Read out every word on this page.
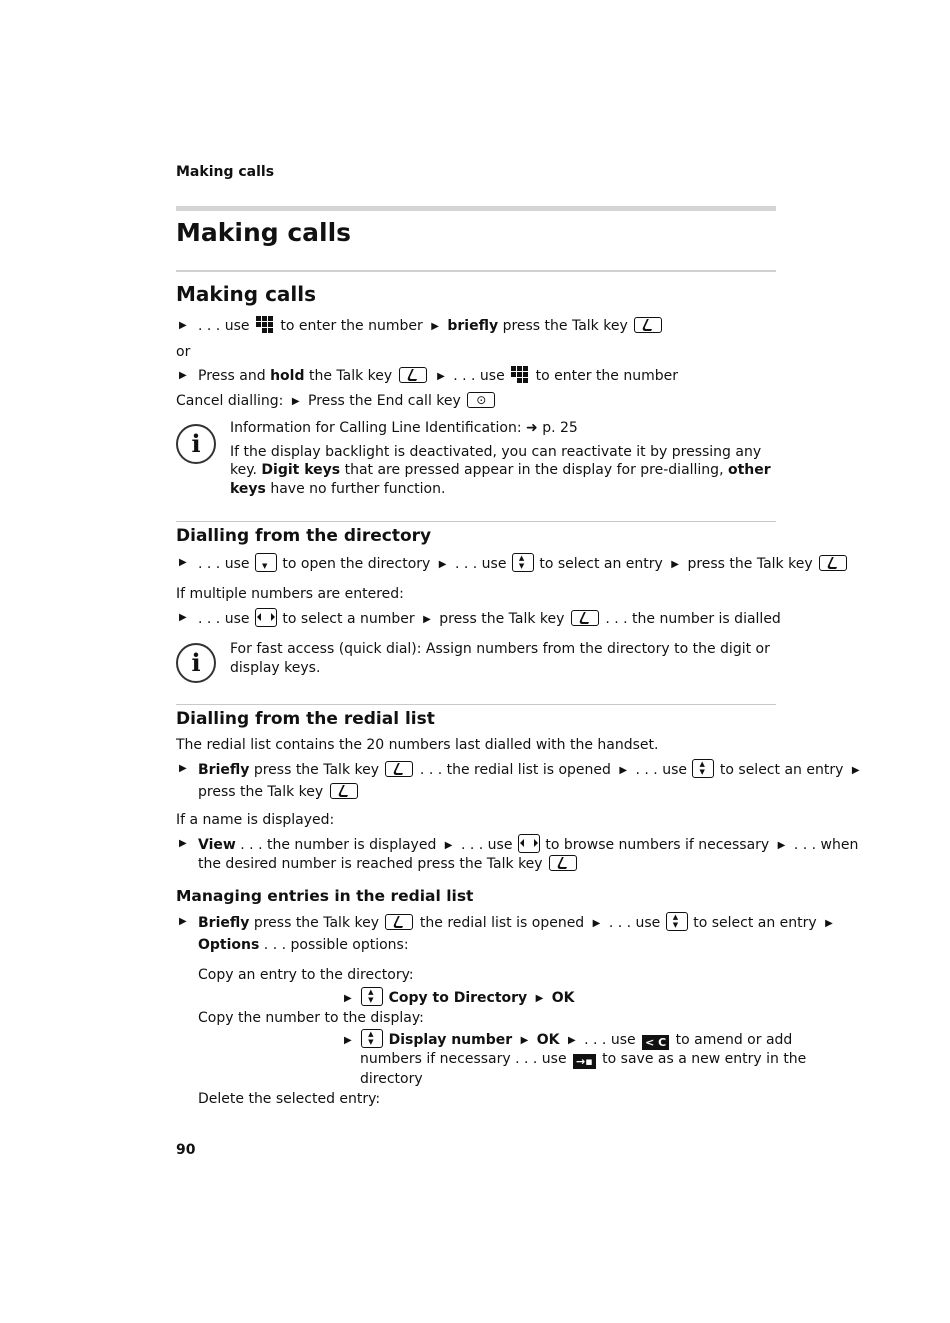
Making calls
Making calls
Making calls
▶ . . . use to enter the number ▶ briefly press the Talk key
or
▶ Press and hold the Talk key	▶ . . . use to enter the number
Cancel dialling: ▶ Press the End call key ⊙
i
Information for Calling Line Identification: ➜ p. 25
If the display backlight is deactivated, you can reactivate it by pressing any key. Digit keys that are pressed appear in the display for pre-dialling, other keys have no further function.
Dialling from the directory
▶ . . . use ▼ to open the directory ▶ . . . use ▲ ▼ to select an entry ▶ press the Talk key
If multiple numbers are entered:
▶ . . . use to select a number ▶ press the Talk key	. . . the number is dialled
i	For fast access (quick dial): Assign numbers from the directory to the digit or display keys.
Dialling from the redial list
The redial list contains the 20 numbers last dialled with the handset.
▶ Briefly press the Talk key	. . . the redial list is opened ▶ . . . use ▲ ▼ to select an entry ▶
press the Talk key
If a name is displayed:
▶ View . . . the number is displayed ▶ . . . use to browse numbers if necessary ▶ . . . when
the desired number is reached press the Talk key
Managing entries in the redial list
▶ Briefly press the Talk key	the redial list is opened ▶ . . . use ▲ ▼ to select an entry ▶
Options . . . possible options:
Copy an entry to the directory:
▶ ▲ ▼	Copy to Directory ▶ OK
Copy the number to the display:
▶ ▲ ▼	Display number ▶ OK ▶ . . . use < C to amend or add
numbers if necessary . . . use →▪ to save as a new entry in the
directory
Delete the selected entry:
90
